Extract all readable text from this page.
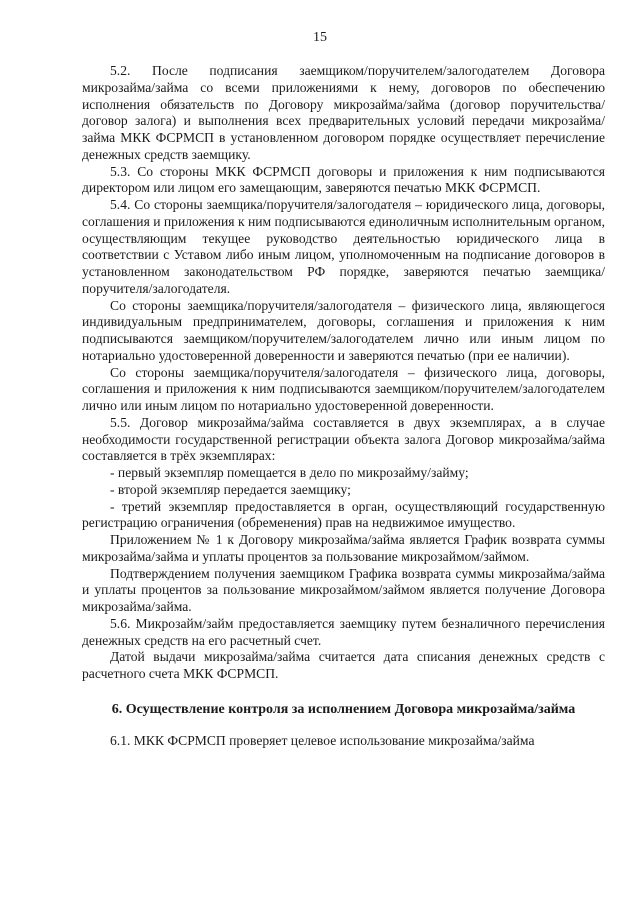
15

5.2. После подписания заемщиком/поручителем/залогодателем Договора микрозайма/займа со всеми приложениями к нему, договоров по обеспечению исполнения обязательств по Договору микрозайма/займа (договор поручительства/договор залога) и выполнения всех предварительных условий передачи микрозайма/займа МКК ФСРМСП в установленном договором порядке осуществляет перечисление денежных средств заемщику.

5.3. Со стороны МКК ФСРМСП договоры и приложения к ним подписываются директором или лицом его замещающим, заверяются печатью МКК ФСРМСП.

5.4. Со стороны заемщика/поручителя/залогодателя – юридического лица, договоры, соглашения и приложения к ним подписываются единоличным исполнительным органом, осуществляющим текущее руководство деятельностью юридического лица в соответствии с Уставом либо иным лицом, уполномоченным на подписание договоров в установленном законодательством РФ порядке, заверяются печатью заемщика/поручителя/залогодателя.

Со стороны заемщика/поручителя/залогодателя – физического лица, являющегося индивидуальным предпринимателем, договоры, соглашения и приложения к ним подписываются заемщиком/поручителем/залогодателем лично или иным лицом по нотариально удостоверенной доверенности и заверяются печатью (при ее наличии).

Со стороны заемщика/поручителя/залогодателя – физического лица, договоры, соглашения и приложения к ним подписываются заемщиком/поручителем/залогодателем лично или иным лицом по нотариально удостоверенной доверенности.

5.5. Договор микрозайма/займа составляется в двух экземплярах, а в случае необходимости государственной регистрации объекта залога Договор микрозайма/займа составляется в трёх экземплярах:

- первый экземпляр помещается в дело по микрозайму/займу;

- второй экземпляр передается заемщику;

- третий экземпляр предоставляется в орган, осуществляющий государственную регистрацию ограничения (обременения) прав на недвижимое имущество.

Приложением № 1 к Договору микрозайма/займа является График возврата суммы микрозайма/займа и уплаты процентов за пользование микрозаймом/займом.

Подтверждением получения заемщиком Графика возврата суммы микрозайма/займа и уплаты процентов за пользование микрозаймом/займом является получение Договора микрозайма/займа.

5.6. Микрозайм/займ предоставляется заемщику путем безналичного перечисления денежных средств на его расчетный счет.

Датой выдачи микрозайма/займа считается дата списания денежных средств с расчетного счета МКК ФСРМСП.

6. Осуществление контроля за исполнением Договора микрозайма/займа

6.1. МКК ФСРМСП проверяет целевое использование микрозайма/займа
